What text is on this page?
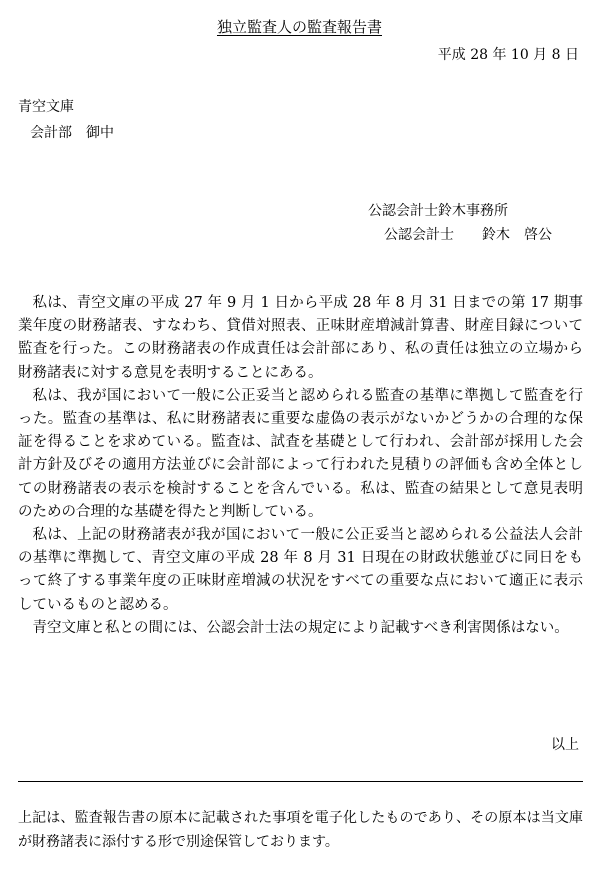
独立監査人の監査報告書
平成 28 年 10 月 8 日
青空文庫
会計部　御中
公認会計士鈴木事務所
公認会計士　　鈴木　啓公

私は、青空文庫の平成 27 年 9 月 1 日から平成 28 年 8 月 31 日までの第 17 期事業年度の財務諸表、すなわち、貸借対照表、正味財産増減計算書、財産目録について監査を行った。この財務諸表の作成責任は会計部にあり、私の責任は独立の立場から財務諸表に対する意見を表明することにある。

私は、我が国において一般に公正妥当と認められる監査の基準に準拠して監査を行った。監査の基準は、私に財務諸表に重要な虚偽の表示がないかどうかの合理的な保証を得ることを求めている。監査は、試査を基礎として行われ、会計部が採用した会計方針及びその適用方法並びに会計部によって行われた見積りの評価も含め全体としての財務諸表の表示を検討することを含んでいる。私は、監査の結果として意見表明のための合理的な基礎を得たと判断している。

私は、上記の財務諸表が我が国において一般に公正妥当と認められる公益法人会計の基準に準拠して、青空文庫の平成 28 年 8 月 31 日現在の財政状態並びに同日をもって終了する事業年度の正味財産増減の状況をすべての重要な点において適正に表示しているものと認める。

青空文庫と私との間には、公認会計士法の規定により記載すべき利害関係はない。

以上
上記は、監査報告書の原本に記載された事項を電子化したものであり、その原本は当文庫が財務諸表に添付する形で別途保管しております。
